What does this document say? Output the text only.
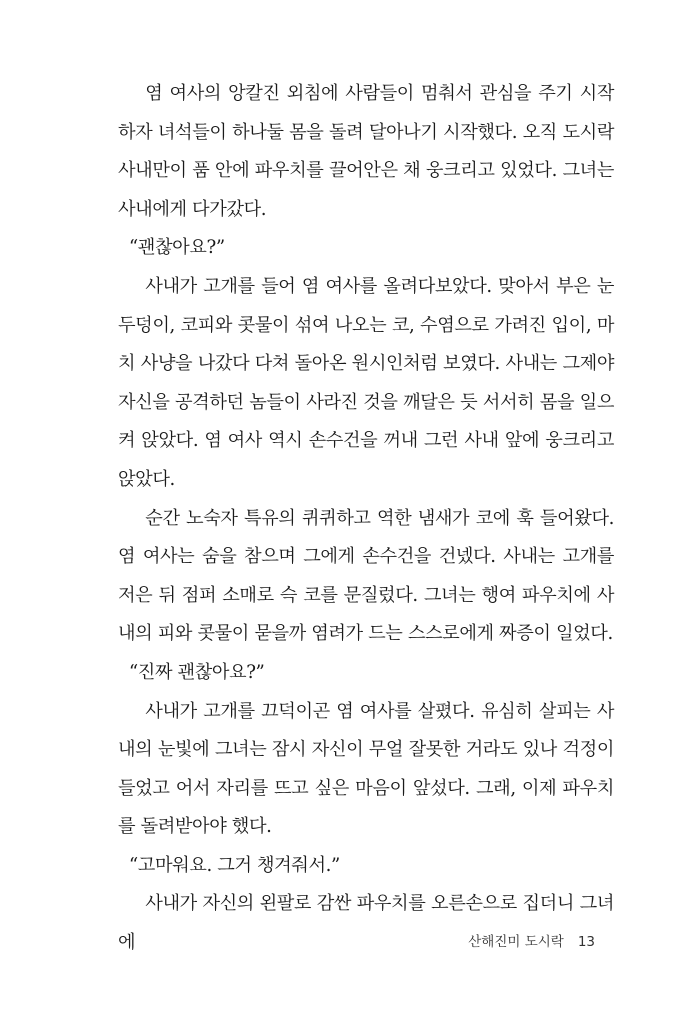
염 여사의 앙칼진 외침에 사람들이 멈춰서 관심을 주기 시작하자 녀석들이 하나둘 몸을 돌려 달아나기 시작했다. 오직 도시락 사내만이 품 안에 파우치를 끌어안은 채 웅크리고 있었다. 그녀는 사내에게 다가갔다.

“괜찮아요?”

사내가 고개를 들어 염 여사를 올려다보았다. 맞아서 부은 눈두덩이, 코피와 콧물이 섞여 나오는 코, 수염으로 가려진 입이, 마치 사냥을 나갔다 다쳐 돌아온 원시인처럼 보였다. 사내는 그제야 자신을 공격하던 놈들이 사라진 것을 깨달은 듯 서서히 몸을 일으켜 앉았다. 염 여사 역시 손수건을 꺼내 그런 사내 앞에 웅크리고 앉았다.

순간 노숙자 특유의 퀴퀴하고 역한 냄새가 코에 훅 들어왔다. 염 여사는 숨을 참으며 그에게 손수건을 건넸다. 사내는 고개를 저은 뒤 점퍼 소매로 슥 코를 문질렀다. 그녀는 행여 파우치에 사내의 피와 콧물이 묻을까 염려가 드는 스스로에게 짜증이 일었다.

“진짜 괜찮아요?”

사내가 고개를 끄덕이곤 염 여사를 살폈다. 유심히 살피는 사내의 눈빛에 그녀는 잠시 자신이 무얼 잘못한 거라도 있나 걱정이 들었고 어서 자리를 뜨고 싶은 마음이 앞섰다. 그래, 이제 파우치를 돌려받아야 했다.

“고마워요. 그거 챙겨줘서.”

사내가 자신의 왼팔로 감싼 파우치를 오른손으로 집더니 그녀에	산해진미 도시락 13
